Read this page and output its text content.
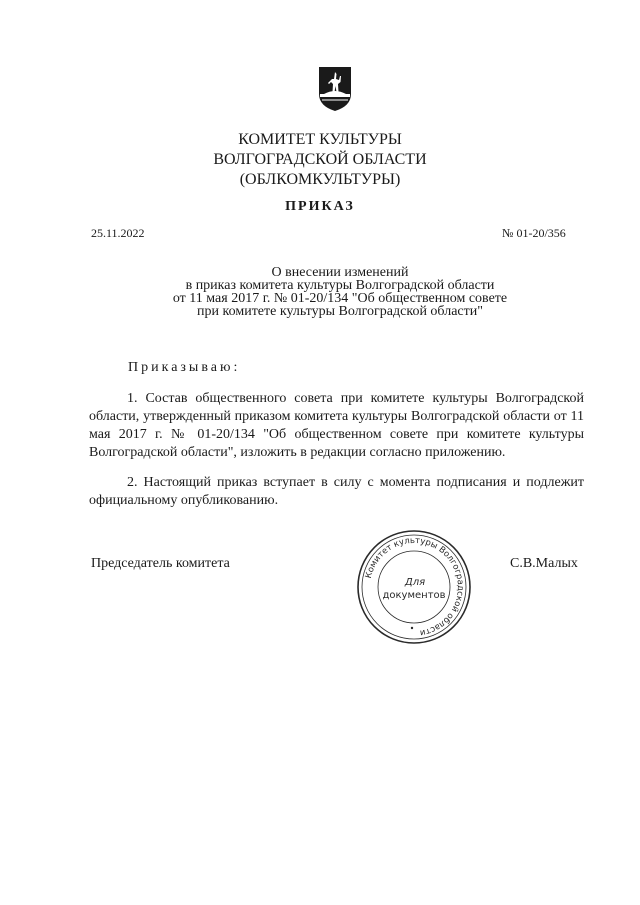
КОМИТЕТ КУЛЬТУРЫ
ВОЛГОГРАДСКОЙ ОБЛАСТИ
(ОБЛКОМКУЛЬТУРЫ)
ПРИКАЗ
25.11.2022	№ 01-20/356
О внесении изменений
в приказ комитета культуры Волгоградской области
от 11 мая 2017 г. № 01-20/134 "Об общественном совете
при комитете культуры Волгоградской области"
Приказываю:
1. Состав общественного совета при комитете культуры Волгоградской области, утвержденный приказом комитета культуры Волгоградской области от 11 мая 2017 г. № 01-20/134 "Об общественном совете при комитете культуры Волгоградской области", изложить в редакции согласно приложению.
2. Настоящий приказ вступает в силу с момента подписания и подлежит официальному опубликованию.
Председатель комитета	С.В.Малых
Комитет культуры Волгоградской области
Для
документов
